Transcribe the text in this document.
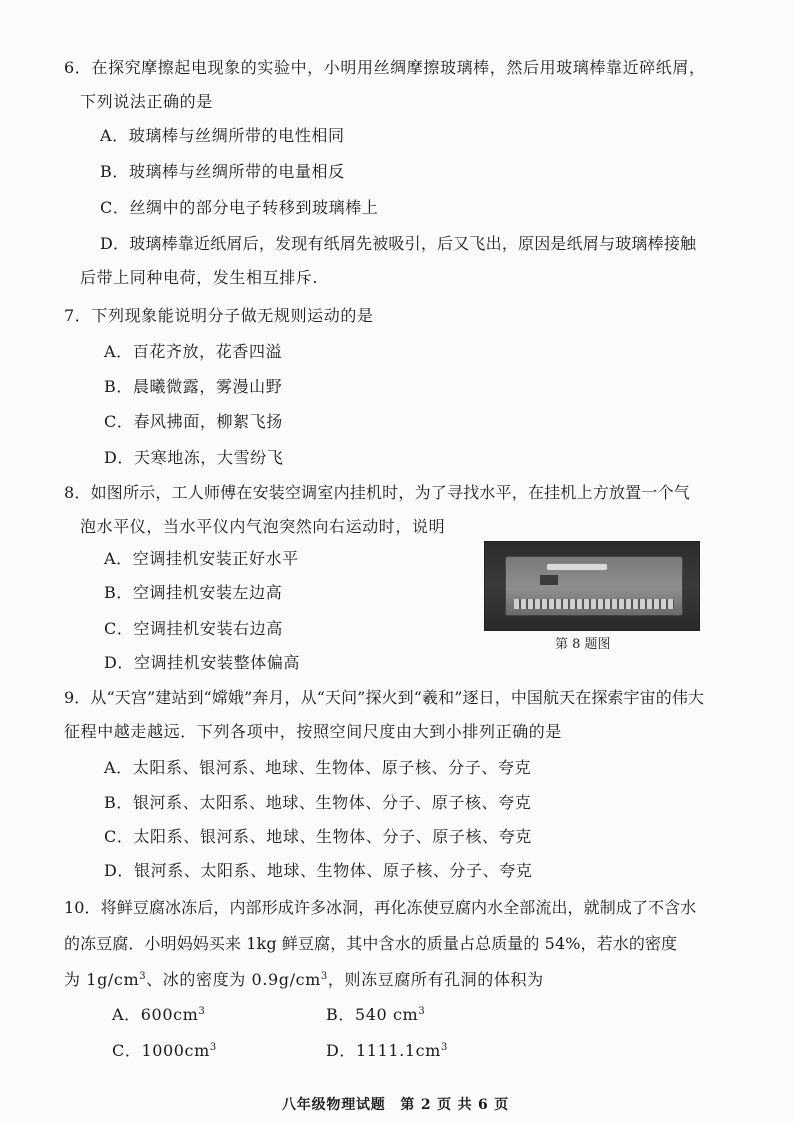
6．在探究摩擦起电现象的实验中，小明用丝绸摩擦玻璃棒，然后用玻璃棒靠近碎纸屑，
下列说法正确的是
A．玻璃棒与丝绸所带的电性相同
B．玻璃棒与丝绸所带的电量相反
C．丝绸中的部分电子转移到玻璃棒上
D．玻璃棒靠近纸屑后，发现有纸屑先被吸引，后又飞出，原因是纸屑与玻璃棒接触
后带上同种电荷，发生相互排斥.
7．下列现象能说明分子做无规则运动的是
A．百花齐放，花香四溢
B．晨曦微露，雾漫山野
C．春风拂面，柳絮飞扬
D．天寒地冻，大雪纷飞
8．如图所示，工人师傅在安装空调室内挂机时，为了寻找水平，在挂机上方放置一个气
泡水平仪，当水平仪内气泡突然向右运动时，说明
A．空调挂机安装正好水平
B．空调挂机安装左边高
C．空调挂机安装右边高
D．空调挂机安装整体偏高
第 8 题图
9．从“天宫”建站到“嫦娥”奔月，从“天问”探火到“羲和”逐日，中国航天在探索宇宙的伟大
征程中越走越远．下列各项中，按照空间尺度由大到小排列正确的是
A．太阳系、银河系、地球、生物体、原子核、分子、夸克
B．银河系、太阳系、地球、生物体、分子、原子核、夸克
C．太阳系、银河系、地球、生物体、分子、原子核、夸克
D．银河系、太阳系、地球、生物体、原子核、分子、夸克
10．将鲜豆腐冰冻后，内部形成许多冰洞，再化冻使豆腐内水全部流出，就制成了不含水
的冻豆腐．小明妈妈买来 1kg 鲜豆腐，其中含水的质量占总质量的 54%，若水的密度
为 $1g/cm^3$、冰的密度为 $0.9g/cm^3$，则冻豆腐所有孔洞的体积为
A．$600cm^3$	B．540 $cm^3$
C．$1000cm^3$	D．$1111.1cm^3$
八年级物理试题　第 2 页 共 6 页
